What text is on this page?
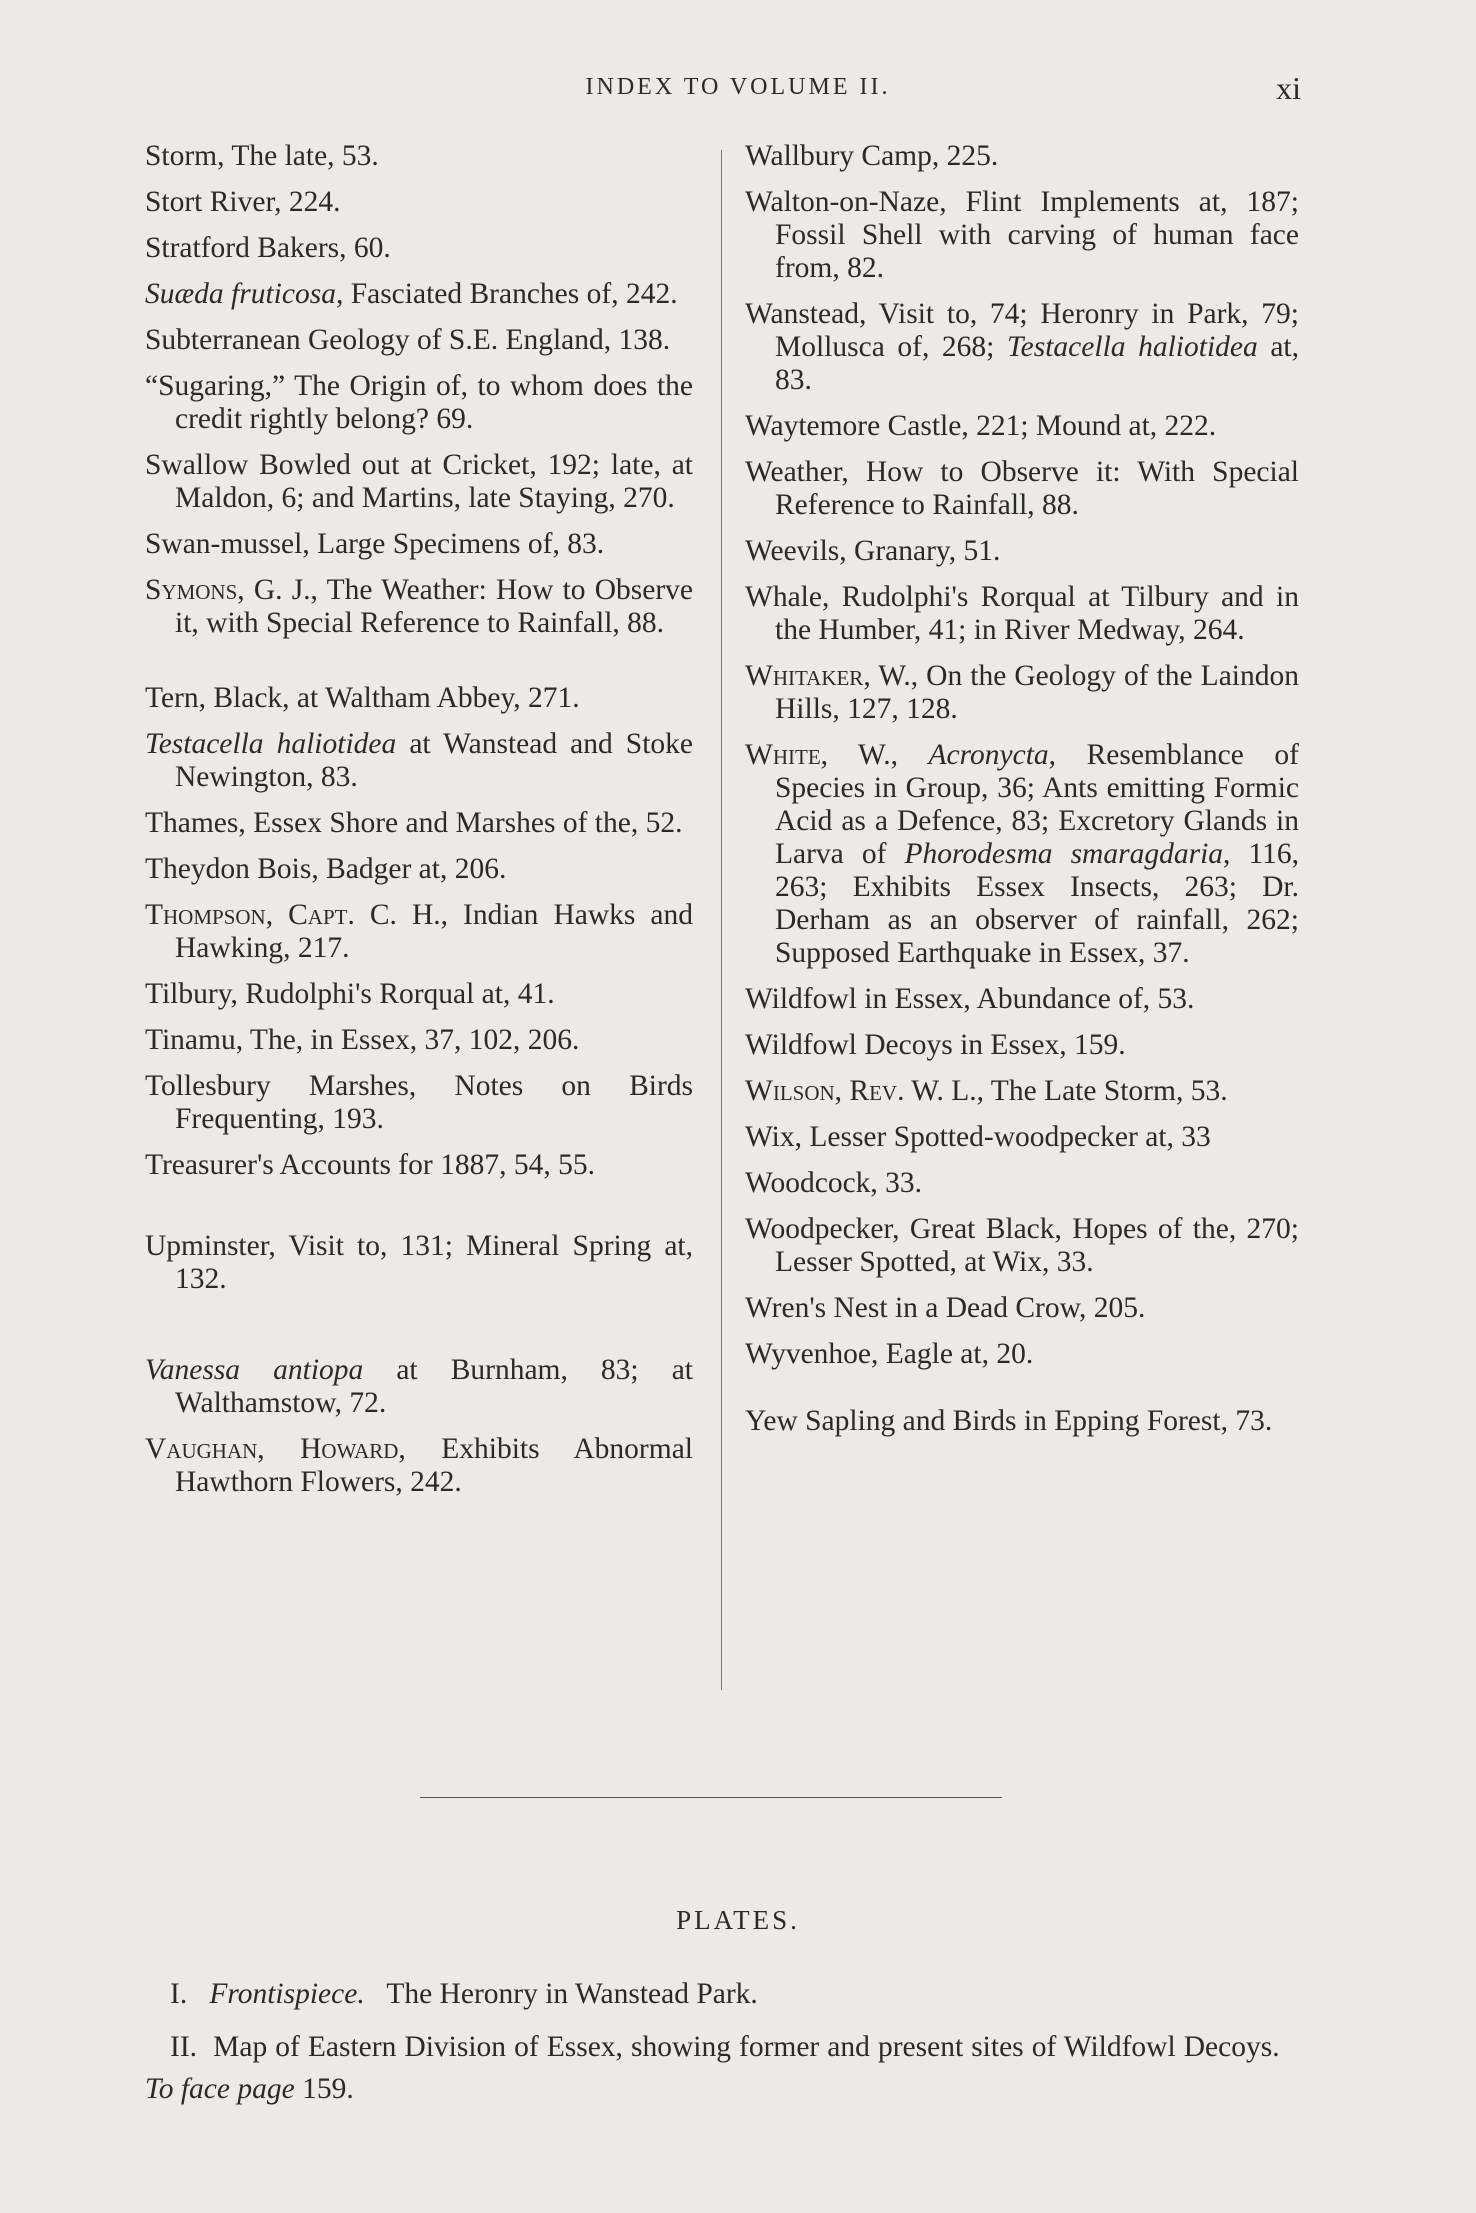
INDEX TO VOLUME II.	xi

Storm, The late, 53.

Stort River, 224.

Stratford Bakers, 60.

Suæda fruticosa, Fasciated Branches of, 242.

Subterranean Geology of S.E. England, 138.

“Sugaring,” The Origin of, to whom does the credit rightly belong? 69.

Swallow Bowled out at Cricket, 192; late, at Maldon, 6; and Martins, late Staying, 270.

Swan-mussel, Large Specimens of, 83.

Symons, G. J., The Weather: How to Observe it, with Special Reference to Rainfall, 88.

Tern, Black, at Waltham Abbey, 271.

Testacella haliotidea at Wanstead and Stoke Newington, 83.

Thames, Essex Shore and Marshes of the, 52.

Theydon Bois, Badger at, 206.

Thompson, Capt. C. H., Indian Hawks and Hawking, 217.

Tilbury, Rudolphi's Rorqual at, 41.

Tinamu, The, in Essex, 37, 102, 206.

Tollesbury Marshes, Notes on Birds Frequenting, 193.

Treasurer's Accounts for 1887, 54, 55.

Upminster, Visit to, 131; Mineral Spring at, 132.

Vanessa antiopa at Burnham, 83; at Walthamstow, 72.

Vaughan, Howard, Exhibits Abnormal Hawthorn Flowers, 242.

Wallbury Camp, 225.

Walton-on-Naze, Flint Implements at, 187; Fossil Shell with carving of human face from, 82.

Wanstead, Visit to, 74; Heronry in Park, 79; Mollusca of, 268; Testacella haliotidea at, 83.

Waytemore Castle, 221; Mound at, 222.

Weather, How to Observe it: With Special Reference to Rainfall, 88.

Weevils, Granary, 51.

Whale, Rudolphi's Rorqual at Tilbury and in the Humber, 41; in River Medway, 264.

Whitaker, W., On the Geology of the Laindon Hills, 127, 128.

White, W., Acronycta, Resemblance of Species in Group, 36; Ants emitting Formic Acid as a Defence, 83; Excretory Glands in Larva of Phorodesma smaragdaria, 116, 263; Exhibits Essex Insects, 263; Dr. Derham as an observer of rainfall, 262; Supposed Earthquake in Essex, 37.

Wildfowl in Essex, Abundance of, 53.

Wildfowl Decoys in Essex, 159.

Wilson, Rev. W. L., The Late Storm, 53.

Wix, Lesser Spotted-woodpecker at, 33

Woodcock, 33.

Woodpecker, Great Black, Hopes of the, 270; Lesser Spotted, at Wix, 33.

Wren's Nest in a Dead Crow, 205.

Wyvenhoe, Eagle at, 20.

Yew Sapling and Birds in Epping Forest, 73.

PLATES.
I. Frontispiece. The Heronry in Wanstead Park.
II. Map of Eastern Division of Essex, showing former and present sites of Wildfowl Decoys.   To face page 159.
